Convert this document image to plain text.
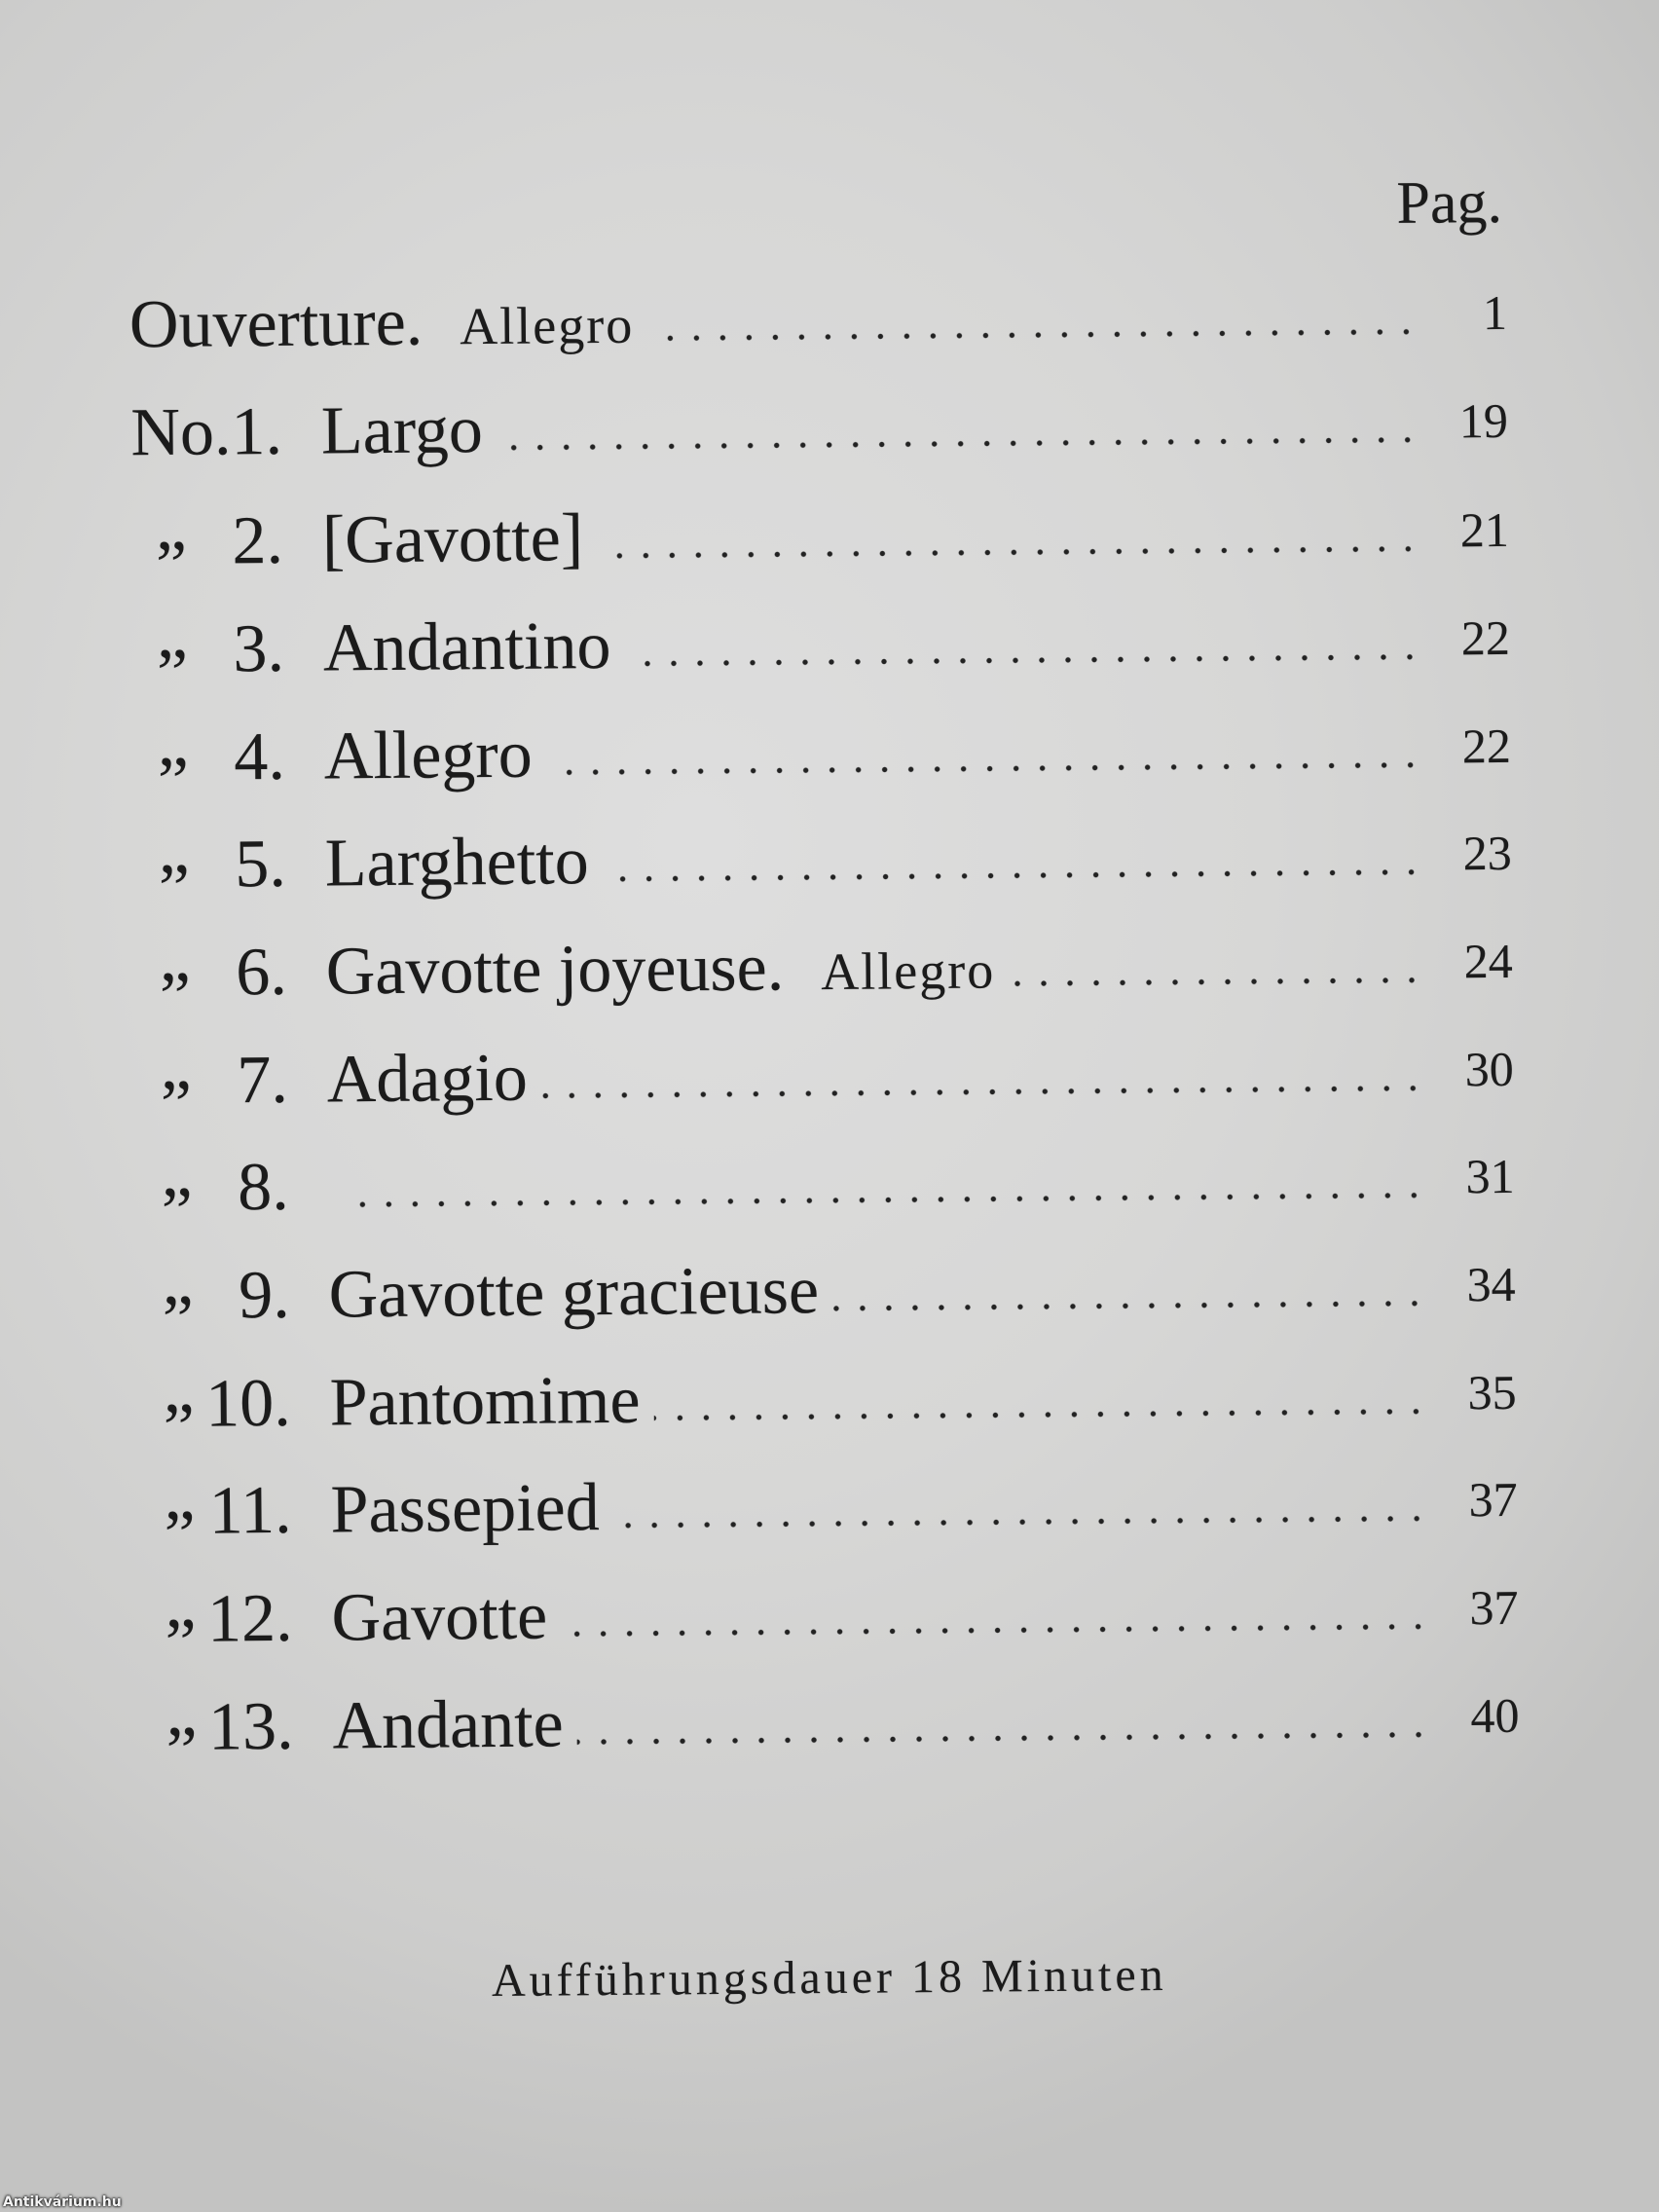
Pag.
Ouverture. Allegro	1
No. 1. Largo	19
„ 2. [Gavotte]	21
„ 3. Andantino	22
„ 4. Allegro	22
„ 5. Larghetto	23
„ 6. Gavotte joyeuse. Allegro	24
„ 7. Adagio	30
„ 8.	31
„ 9. Gavotte gracieuse	34
„ 10. Pantomime	35
„ 11. Passepied	37
„ 12. Gavotte	37
„ 13. Andante	40
Aufführungsdauer 18 Minuten
Antikvárium.hu
